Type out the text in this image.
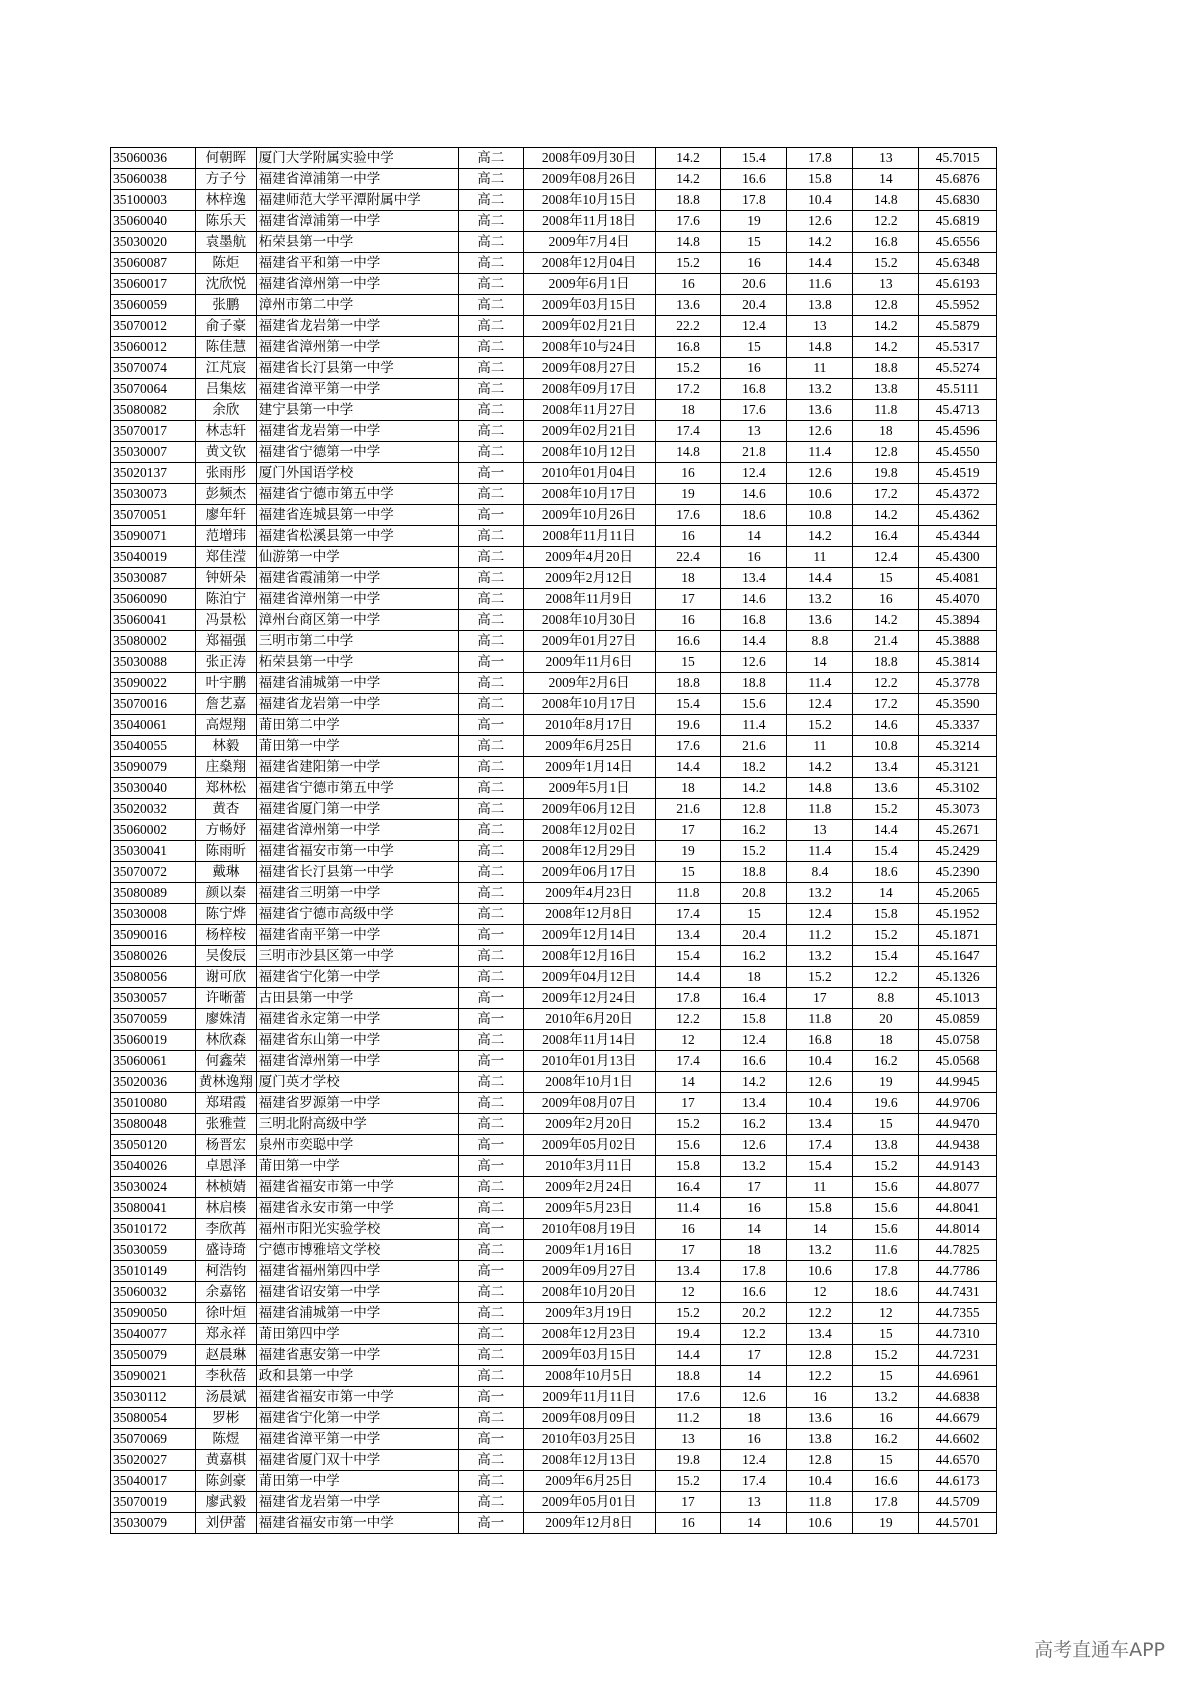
35060036	何朝晖	厦门大学附属实验中学	高二	2008年09月30日	14.2	15.4	17.8	13	45.7015
35060038	方子兮	福建省漳浦第一中学	高二	2009年08月26日	14.2	16.6	15.8	14	45.6876
35100003	林梓逸	福建师范大学平潭附属中学	高二	2008年10月15日	18.8	17.8	10.4	14.8	45.6830
35060040	陈乐天	福建省漳浦第一中学	高二	2008年11月18日	17.6	19	12.6	12.2	45.6819
35030020	袁墨航	柘荣县第一中学	高二	2009年7月4日	14.8	15	14.2	16.8	45.6556
35060087	陈炬	福建省平和第一中学	高二	2008年12月04日	15.2	16	14.4	15.2	45.6348
35060017	沈欣悦	福建省漳州第一中学	高二	2009年6月1日	16	20.6	11.6	13	45.6193
35060059	张鹏	漳州市第二中学	高二	2009年03月15日	13.6	20.4	13.8	12.8	45.5952
35070012	俞子豪	福建省龙岩第一中学	高二	2009年02月21日	22.2	12.4	13	14.2	45.5879
35060012	陈佳慧	福建省漳州第一中学	高二	2008年10与24日	16.8	15	14.8	14.2	45.5317
35070074	江芃宸	福建省长汀县第一中学	高二	2009年08月27日	15.2	16	11	18.8	45.5274
35070064	吕集炫	福建省漳平第一中学	高二	2008年09月17日	17.2	16.8	13.2	13.8	45.5111
35080082	余欣	建宁县第一中学	高二	2008年11月27日	18	17.6	13.6	11.8	45.4713
35070017	林志轩	福建省龙岩第一中学	高二	2009年02月21日	17.4	13	12.6	18	45.4596
35030007	黄文钦	福建省宁德第一中学	高二	2008年10月12日	14.8	21.8	11.4	12.8	45.4550
35020137	张雨彤	厦门外国语学校	高一	2010年01月04日	16	12.4	12.6	19.8	45.4519
35030073	彭频杰	福建省宁德市第五中学	高二	2008年10月17日	19	14.6	10.6	17.2	45.4372
35070051	廖年轩	福建省连城县第一中学	高一	2009年10月26日	17.6	18.6	10.8	14.2	45.4362
35090071	范增玮	福建省松溪县第一中学	高二	2008年11月11日	16	14	14.2	16.4	45.4344
35040019	郑佳滢	仙游第一中学	高二	2009年4月20日	22.4	16	11	12.4	45.4300
35030087	钟妍朵	福建省霞浦第一中学	高二	2009年2月12日	18	13.4	14.4	15	45.4081
35060090	陈泊宁	福建省漳州第一中学	高二	2008年11月9日	17	14.6	13.2	16	45.4070
35060041	冯景松	漳州台商区第一中学	高二	2008年10月30日	16	16.8	13.6	14.2	45.3894
35080002	郑福强	三明市第二中学	高二	2009年01月27日	16.6	14.4	8.8	21.4	45.3888
35030088	张正涛	柘荣县第一中学	高一	2009年11月6日	15	12.6	14	18.8	45.3814
35090022	叶宇鹏	福建省浦城第一中学	高二	2009年2月6日	18.8	18.8	11.4	12.2	45.3778
35070016	詹艺嘉	福建省龙岩第一中学	高二	2008年10月17日	15.4	15.6	12.4	17.2	45.3590
35040061	高煜翔	莆田第二中学	高一	2010年8月17日	19.6	11.4	15.2	14.6	45.3337
35040055	林毅	莆田第一中学	高二	2009年6月25日	17.6	21.6	11	10.8	45.3214
35090079	庄燊翔	福建省建阳第一中学	高二	2009年1月14日	14.4	18.2	14.2	13.4	45.3121
35030040	郑林松	福建省宁德市第五中学	高二	2009年5月1日	18	14.2	14.8	13.6	45.3102
35020032	黄杏	福建省厦门第一中学	高二	2009年06月12日	21.6	12.8	11.8	15.2	45.3073
35060002	方畅妤	福建省漳州第一中学	高二	2008年12月02日	17	16.2	13	14.4	45.2671
35030041	陈雨昕	福建省福安市第一中学	高二	2008年12月29日	19	15.2	11.4	15.4	45.2429
35070072	戴琳	福建省长汀县第一中学	高二	2009年06月17日	15	18.8	8.4	18.6	45.2390
35080089	颜以秦	福建省三明第一中学	高二	2009年4月23日	11.8	20.8	13.2	14	45.2065
35030008	陈宁烨	福建省宁德市高级中学	高二	2008年12月8日	17.4	15	12.4	15.8	45.1952
35090016	杨梓桉	福建省南平第一中学	高一	2009年12月14日	13.4	20.4	11.2	15.2	45.1871
35080026	吴俊辰	三明市沙县区第一中学	高二	2008年12月16日	15.4	16.2	13.2	15.4	45.1647
35080056	谢可欣	福建省宁化第一中学	高二	2009年04月12日	14.4	18	15.2	12.2	45.1326
35030057	许晰蕾	古田县第一中学	高一	2009年12月24日	17.8	16.4	17	8.8	45.1013
35070059	廖姝清	福建省永定第一中学	高一	2010年6月20日	12.2	15.8	11.8	20	45.0859
35060019	林欣森	福建省东山第一中学	高二	2008年11月14日	12	12.4	16.8	18	45.0758
35060061	何鑫荣	福建省漳州第一中学	高一	2010年01月13日	17.4	16.6	10.4	16.2	45.0568
35020036	黄林逸翔	厦门英才学校	高二	2008年10月1日	14	14.2	12.6	19	44.9945
35010080	郑珺霞	福建省罗源第一中学	高二	2009年08月07日	17	13.4	10.4	19.6	44.9706
35080048	张雅萱	三明北附高级中学	高二	2009年2月20日	15.2	16.2	13.4	15	44.9470
35050120	杨晋宏	泉州市奕聪中学	高一	2009年05月02日	15.6	12.6	17.4	13.8	44.9438
35040026	卓恩泽	莆田第一中学	高一	2010年3月11日	15.8	13.2	15.4	15.2	44.9143
35030024	林桢婧	福建省福安市第一中学	高二	2009年2月24日	16.4	17	11	15.6	44.8077
35080041	林启楱	福建省永安市第一中学	高二	2009年5月23日	11.4	16	15.8	15.6	44.8041
35010172	李欣苒	福州市阳光实验学校	高一	2010年08月19日	16	14	14	15.6	44.8014
35030059	盛诗琦	宁德市博雅培文学校	高二	2009年1月16日	17	18	13.2	11.6	44.7825
35010149	柯浩钧	福建省福州第四中学	高一	2009年09月27日	13.4	17.8	10.6	17.8	44.7786
35060032	余嘉铭	福建省诏安第一中学	高二	2008年10月20日	12	16.6	12	18.6	44.7431
35090050	徐叶烜	福建省浦城第一中学	高二	2009年3月19日	15.2	20.2	12.2	12	44.7355
35040077	郑永祥	莆田第四中学	高二	2008年12月23日	19.4	12.2	13.4	15	44.7310
35050079	赵晨琳	福建省惠安第一中学	高二	2009年03月15日	14.4	17	12.8	15.2	44.7231
35090021	李秋蓓	政和县第一中学	高二	2008年10月5日	18.8	14	12.2	15	44.6961
35030112	汤晨斌	福建省福安市第一中学	高一	2009年11月11日	17.6	12.6	16	13.2	44.6838
35080054	罗彬	福建省宁化第一中学	高二	2009年08月09日	11.2	18	13.6	16	44.6679
35070069	陈煜	福建省漳平第一中学	高一	2010年03月25日	13	16	13.8	16.2	44.6602
35020027	黄嘉棋	福建省厦门双十中学	高二	2008年12月13日	19.8	12.4	12.8	15	44.6570
35040017	陈剑豪	莆田第一中学	高二	2009年6月25日	15.2	17.4	10.4	16.6	44.6173
35070019	廖武毅	福建省龙岩第一中学	高二	2009年05月01日	17	13	11.8	17.8	44.5709
35030079	刘伊蕾	福建省福安市第一中学	高一	2009年12月8日	16	14	10.6	19	44.5701
高考直通车APP
